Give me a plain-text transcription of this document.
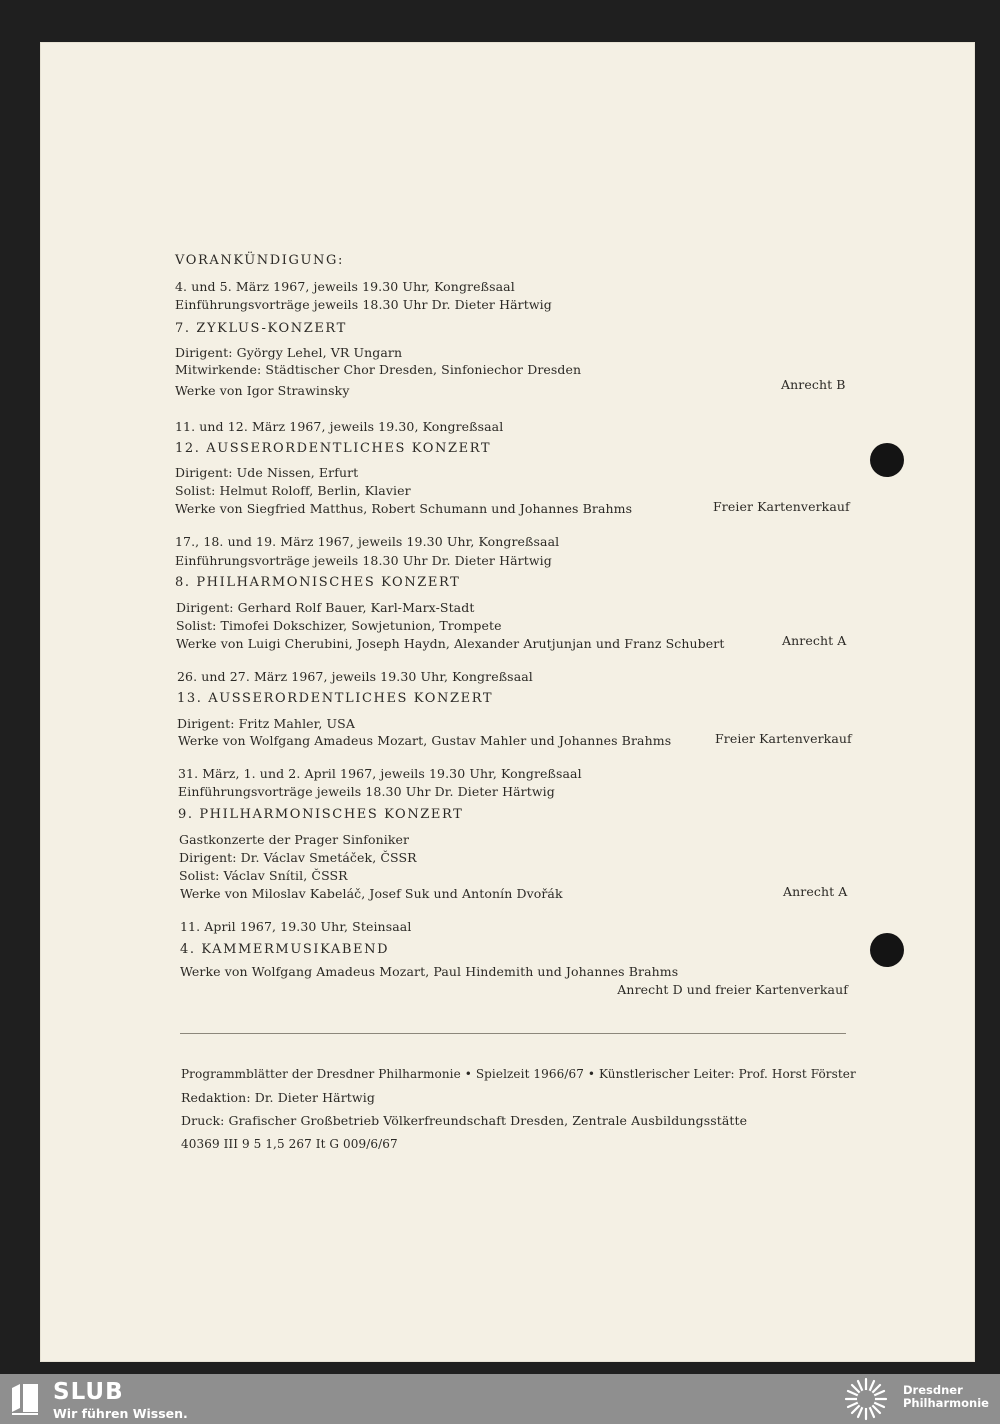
VORANKÜNDIGUNG:
4. und 5. März 1967, jeweils 19.30 Uhr, Kongreßsaal
Einführungsvorträge jeweils 18.30 Uhr Dr. Dieter Härtwig
7. ZYKLUS-KONZERT
Dirigent: György Lehel, VR Ungarn
Mitwirkende: Städtischer Chor Dresden, Sinfoniechor Dresden
Werke von Igor Strawinsky	Anrecht B
11. und 12. März 1967, jeweils 19.30, Kongreßsaal
12. AUSSERORDENTLICHES KONZERT
Dirigent: Ude Nissen, Erfurt
Solist: Helmut Roloff, Berlin, Klavier
Werke von Siegfried Matthus, Robert Schumann und Johannes Brahms	Freier Kartenverkauf
17., 18. und 19. März 1967, jeweils 19.30 Uhr, Kongreßsaal
Einführungsvorträge jeweils 18.30 Uhr Dr. Dieter Härtwig
8. PHILHARMONISCHES KONZERT
Dirigent: Gerhard Rolf Bauer, Karl-Marx-Stadt
Solist: Timofei Dokschizer, Sowjetunion, Trompete
Werke von Luigi Cherubini, Joseph Haydn, Alexander Arutjunjan und Franz Schubert	Anrecht A
26. und 27. März 1967, jeweils 19.30 Uhr, Kongreßsaal
13. AUSSERORDENTLICHES KONZERT
Dirigent: Fritz Mahler, USA
Werke von Wolfgang Amadeus Mozart, Gustav Mahler und Johannes Brahms	Freier Kartenverkauf
31. März, 1. und 2. April 1967, jeweils 19.30 Uhr, Kongreßsaal
Einführungsvorträge jeweils 18.30 Uhr Dr. Dieter Härtwig
9. PHILHARMONISCHES KONZERT
Gastkonzerte der Prager Sinfoniker
Dirigent: Dr. Václav Smetáček, ČSSR
Solist: Václav Snítil, ČSSR
Werke von Miloslav Kabeláč, Josef Suk und Antonín Dvořák	Anrecht A
11. April 1967, 19.30 Uhr, Steinsaal
4. KAMMERMUSIKABEND
Werke von Wolfgang Amadeus Mozart, Paul Hindemith und Johannes Brahms
Anrecht D und freier Kartenverkauf
Programmblätter der Dresdner Philharmonie • Spielzeit 1966/67 • Künstlerischer Leiter: Prof. Horst Förster
Redaktion: Dr. Dieter Härtwig
Druck: Grafischer Großbetrieb Völkerfreundschaft Dresden, Zentrale Ausbildungsstätte
40369 III 9 5 1,5 267 It G 009/6/67
SLUB
Wir führen Wissen.
Dresdner
Philharmonie
